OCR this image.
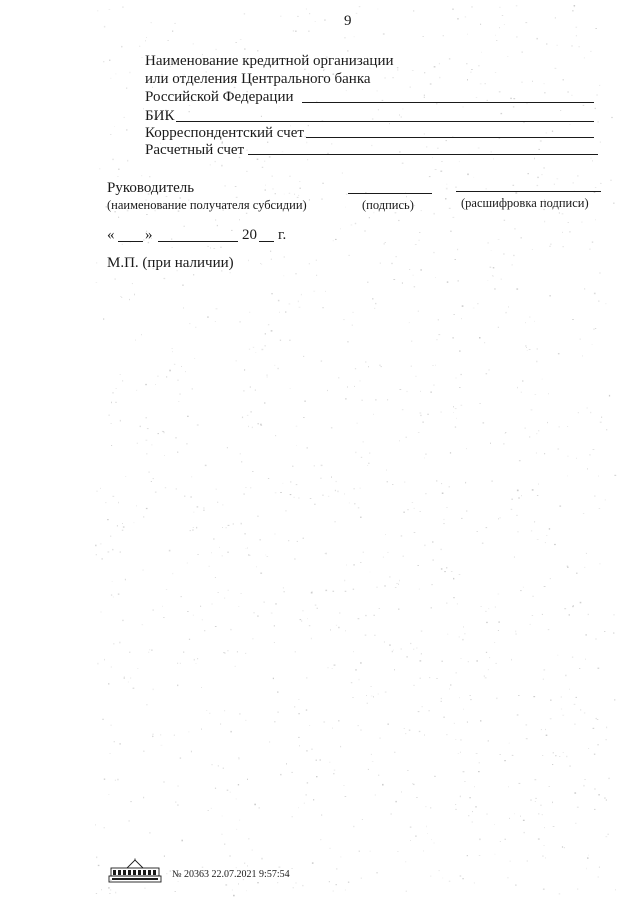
9
Наименование кредитной организации
или отделения Центрального банка
Российской Федерации
БИК
Корреспондентский счет
Расчетный счет
Руководитель
(наименование получателя субсидии)	(подпись)	(расшифровка подписи)
« »	20 г.
М.П. (при наличии)
№ 20363 22.07.2021 9:57:54
